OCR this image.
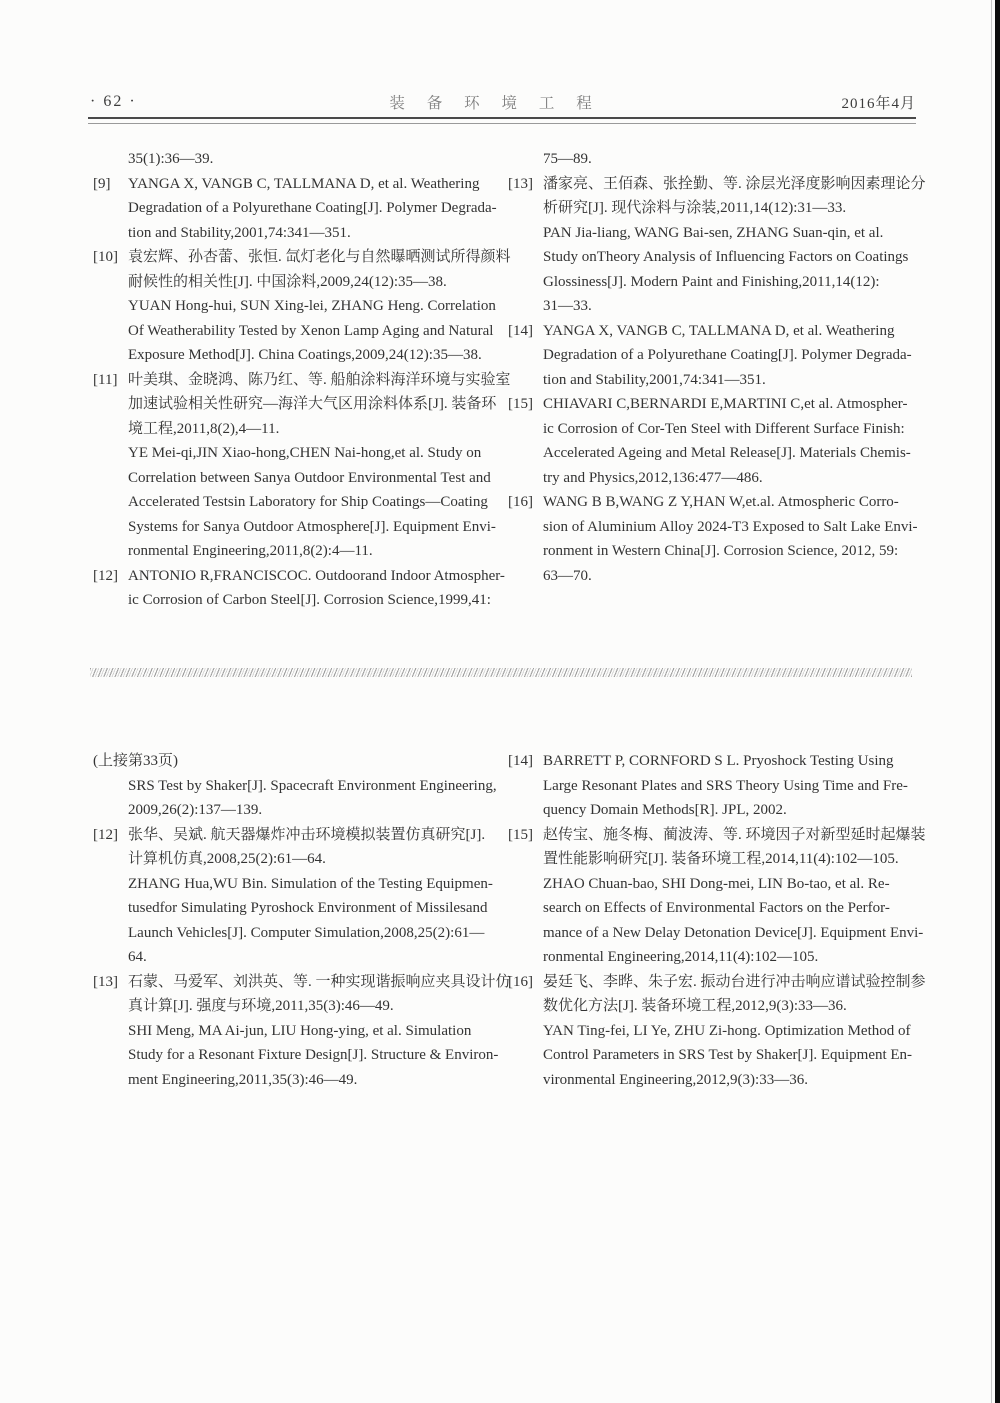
· 62 ·	装 备 环 境 工 程	2016年4月
35(1):36—39.
[9] YANGA X, VANGB C, TALLMANA D, et al. Weathering
Degradation of a Polyurethane Coating[J]. Polymer Degrada-
tion and Stability,2001,74:341—351.
[10] 袁宏辉、孙杏蕾、张恒. 氙灯老化与自然曝晒测试所得颜料
耐候性的相关性[J]. 中国涂料,2009,24(12):35—38.
YUAN Hong-hui, SUN Xing-lei, ZHANG Heng. Correlation
Of Weatherability Tested by Xenon Lamp Aging and Natural
Exposure Method[J]. China Coatings,2009,24(12):35—38.
[11] 叶美琪、金晓鸿、陈乃红、等. 船舶涂料海洋环境与实验室
加速试验相关性研究—海洋大气区用涂料体系[J]. 装备环
境工程,2011,8(2),4—11.
YE Mei-qi,JIN Xiao-hong,CHEN Nai-hong,et al. Study on
Correlation between Sanya Outdoor Environmental Test and
Accelerated Testsin Laboratory for Ship Coatings—Coating
Systems for Sanya Outdoor Atmosphere[J]. Equipment Envi-
ronmental Engineering,2011,8(2):4—11.
[12] ANTONIO R,FRANCISCOC. Outdoorand Indoor Atmospher-
ic Corrosion of Carbon Steel[J]. Corrosion Science,1999,41:
75—89.
[13] 潘家亮、王佰森、张拴勤、等. 涂层光泽度影响因素理论分
析研究[J]. 现代涂料与涂装,2011,14(12):31—33.
PAN Jia-liang, WANG Bai-sen, ZHANG Suan-qin, et al.
Study onTheory Analysis of Influencing Factors on Coatings
Glossiness[J]. Modern Paint and Finishing,2011,14(12):
31—33.
[14] YANGA X, VANGB C, TALLMANA D, et al. Weathering
Degradation of a Polyurethane Coating[J]. Polymer Degrada-
tion and Stability,2001,74:341—351.
[15] CHIAVARI C,BERNARDI E,MARTINI C,et al. Atmospher-
ic Corrosion of Cor-Ten Steel with Different Surface Finish:
Accelerated Ageing and Metal Release[J]. Materials Chemis-
try and Physics,2012,136:477—486.
[16] WANG B B,WANG Z Y,HAN W,et.al. Atmospheric Corro-
sion of Aluminium Alloy 2024-T3 Exposed to Salt Lake Envi-
ronment in Western China[J]. Corrosion Science, 2012, 59:
63—70.
(上接第33页)
SRS Test by Shaker[J]. Spacecraft Environment Engineering,
2009,26(2):137—139.
[12] 张华、吴斌. 航天器爆炸冲击环境模拟装置仿真研究[J].
计算机仿真,2008,25(2):61—64.
ZHANG Hua,WU Bin. Simulation of the Testing Equipmen-
tusedfor Simulating Pyroshock Environment of Missilesand
Launch Vehicles[J]. Computer Simulation,2008,25(2):61—
64.
[13] 石蒙、马爱军、刘洪英、等. 一种实现谐振响应夹具设计仿
真计算[J]. 强度与环境,2011,35(3):46—49.
SHI Meng, MA Ai-jun, LIU Hong-ying, et al. Simulation
Study for a Resonant Fixture Design[J]. Structure & Environ-
ment Engineering,2011,35(3):46—49.
[14] BARRETT P, CORNFORD S L. Pryoshock Testing Using
Large Resonant Plates and SRS Theory Using Time and Fre-
quency Domain Methods[R]. JPL, 2002.
[15] 赵传宝、施冬梅、蔺波涛、等. 环境因子对新型延时起爆装
置性能影响研究[J]. 装备环境工程,2014,11(4):102—105.
ZHAO Chuan-bao, SHI Dong-mei, LIN Bo-tao, et al. Re-
search on Effects of Environmental Factors on the Perfor-
mance of a New Delay Detonation Device[J]. Equipment Envi-
ronmental Engineering,2014,11(4):102—105.
[16] 晏廷飞、李晔、朱子宏. 振动台进行冲击响应谱试验控制参
数优化方法[J]. 装备环境工程,2012,9(3):33—36.
YAN Ting-fei, LI Ye, ZHU Zi-hong. Optimization Method of
Control Parameters in SRS Test by Shaker[J]. Equipment En-
vironmental Engineering,2012,9(3):33—36.
